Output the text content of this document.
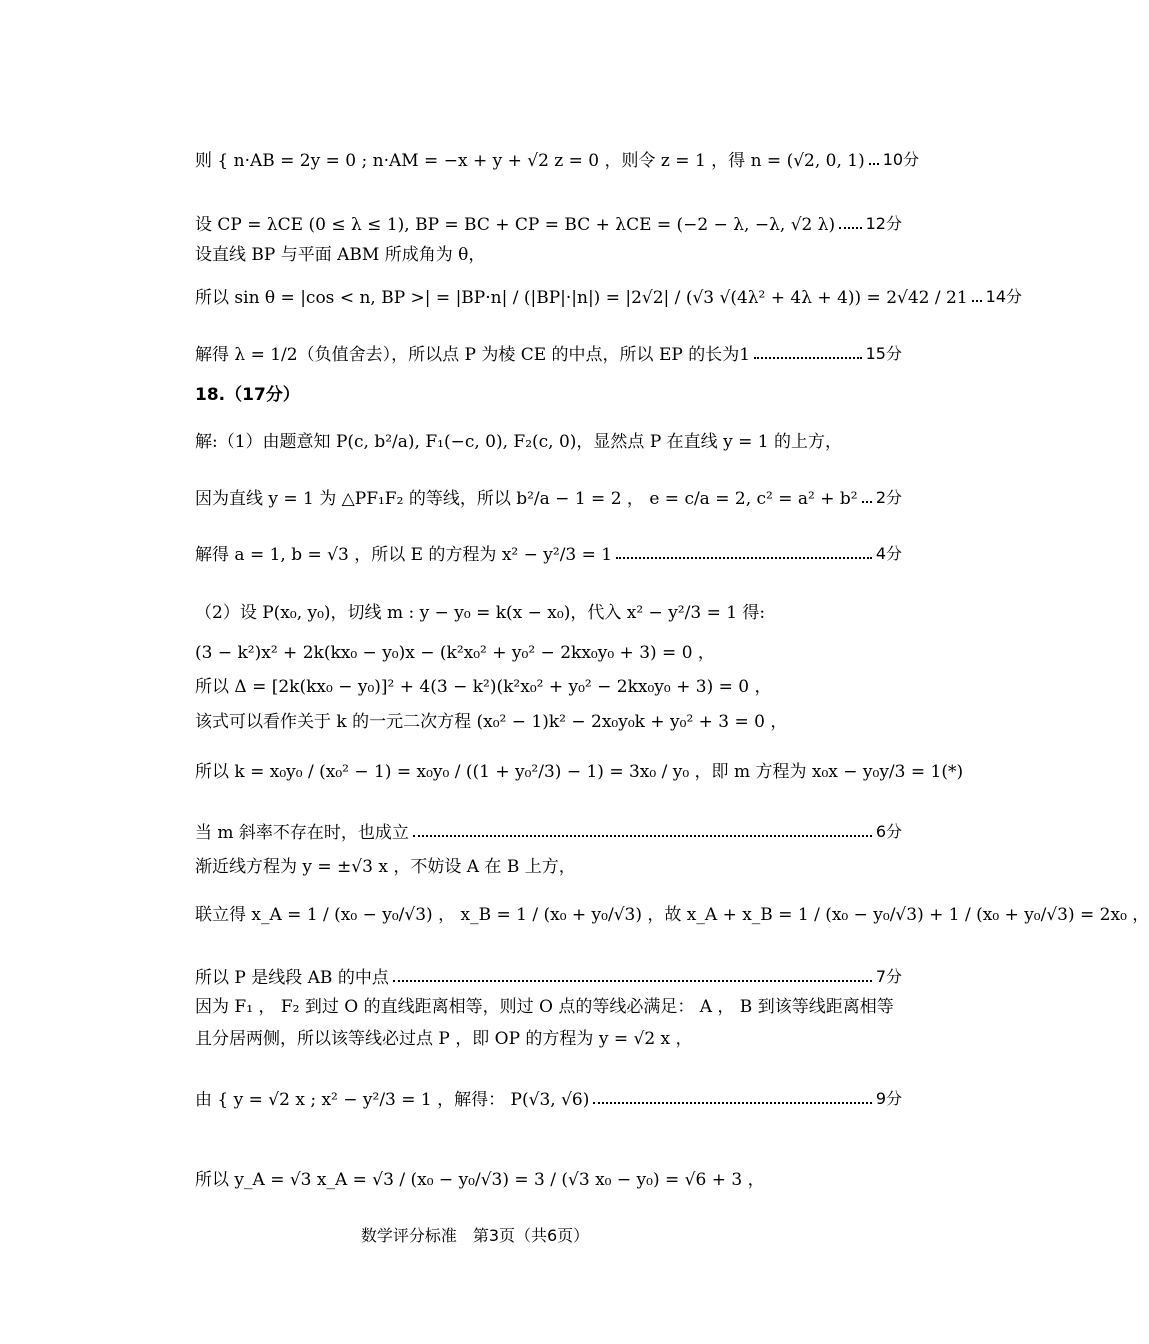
则 { n·AB = 2y = 0 ; n·AM = −x + y + √2 z = 0 ，则令 z = 1 ，得 n = (√2, 0, 1) 10分
设 CP = λCE (0 ≤ λ ≤ 1), BP = BC + CP = BC + λCE = (−2 − λ, −λ, √2 λ) 12分
设直线 BP 与平面 ABM 所成角为 θ，
所以 sin θ = |cos < n, BP >| = |BP·n| / (|BP|·|n|) = |2√2| / (√3 √(4λ² + 4λ + 4)) = 2√42 / 21 14分
解得 λ = 1/2（负值舍去），所以点 P 为棱 CE 的中点，所以 EP 的长为1	15分
18.（17分）
解:（1）由题意知 P(c, b²/a), F₁(−c, 0), F₂(c, 0)，显然点 P 在直线 y = 1 的上方，
因为直线 y = 1 为 △PF₁F₂ 的等线，所以 b²/a − 1 = 2 ， e = c/a = 2, c² = a² + b² 2分
解得 a = 1, b = √3 ，所以 E 的方程为 x² − y²/3 = 1	4分
（2）设 P(x₀, y₀)，切线 m : y − y₀ = k(x − x₀)，代入 x² − y²/3 = 1 得:
(3 − k²)x² + 2k(kx₀ − y₀)x − (k²x₀² + y₀² − 2kx₀y₀ + 3) = 0 ，
所以 Δ = [2k(kx₀ − y₀)]² + 4(3 − k²)(k²x₀² + y₀² − 2kx₀y₀ + 3) = 0 ，
该式可以看作关于 k 的一元二次方程 (x₀² − 1)k² − 2x₀y₀k + y₀² + 3 = 0 ，
所以 k = x₀y₀ / (x₀² − 1) = x₀y₀ / ((1 + y₀²/3) − 1) = 3x₀ / y₀ ，即 m 方程为 x₀x − y₀y/3 = 1(*)
当 m 斜率不存在时，也成立	6分
渐近线方程为 y = ±√3 x ，不妨设 A 在 B 上方，
联立得 x_A = 1 / (x₀ − y₀/√3) ， x_B = 1 / (x₀ + y₀/√3) ，故 x_A + x_B = 1 / (x₀ − y₀/√3) + 1 / (x₀ + y₀/√3) = 2x₀ ，
所以 P 是线段 AB 的中点	7分
因为 F₁ ， F₂ 到过 O 的直线距离相等，则过 O 点的等线必满足： A ， B 到该等线距离相等
且分居两侧，所以该等线必过点 P ，即 OP 的方程为 y = √2 x ，
由 { y = √2 x ; x² − y²/3 = 1 ，解得： P(√3, √6)	9分
所以 y_A = √3 x_A = √3 / (x₀ − y₀/√3) = 3 / (√3 x₀ − y₀) = √6 + 3 ，
数学评分标准　第3页（共6页）
